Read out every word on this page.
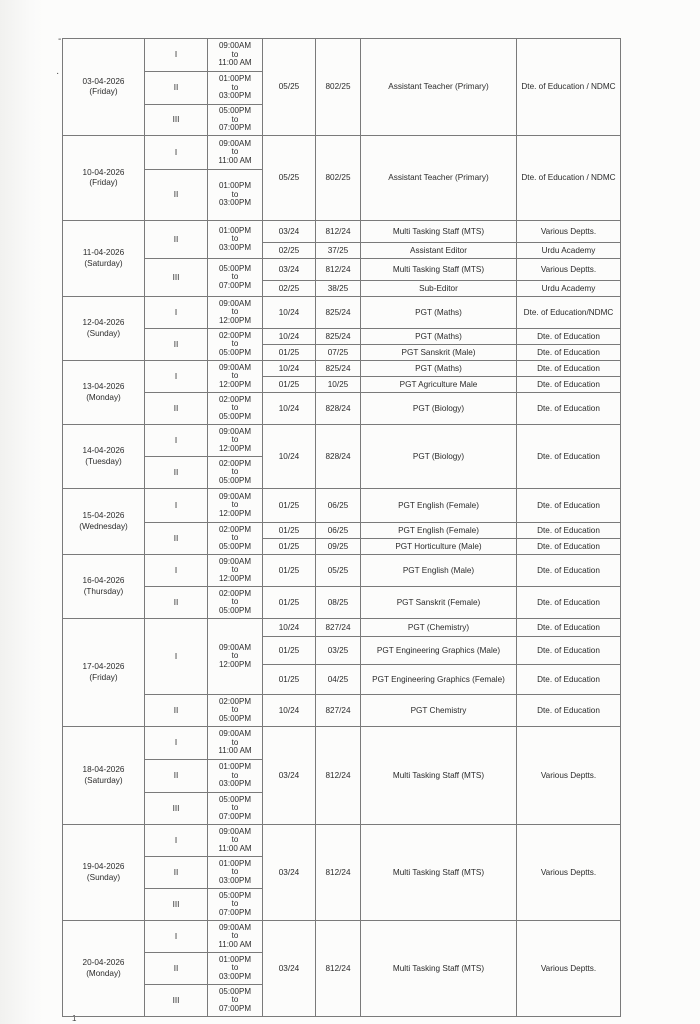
-
·
1
03-04-2026
(Friday)	I	09:00AM
to
11:00 AM	05/25	802/25	Assistant Teacher (Primary)	Dte. of Education / NDMC
	II	01:00PM
to
03:00PM				
	III	05:00PM
to
07:00PM				
10-04-2026
(Friday)	I	09:00AM
to
11:00 AM	05/25	802/25	Assistant Teacher (Primary)	Dte. of Education / NDMC
	II	01:00PM
to
03:00PM				
11-04-2026
(Saturday)	II	01:00PM
to
03:00PM	03/24	812/24	Multi Tasking Staff (MTS)	Various Deptts.
			02/25	37/25	Assistant Editor	Urdu Academy
	III	05:00PM
to
07:00PM	03/24	812/24	Multi Tasking Staff (MTS)	Various Deptts.
			02/25	38/25	Sub-Editor	Urdu Academy
12-04-2026
(Sunday)	I	09:00AM
to
12:00PM	10/24	825/24	PGT (Maths)	Dte. of Education/NDMC
	II	02:00PM
to
05:00PM	10/24	825/24	PGT (Maths)	Dte. of Education
			01/25	07/25	PGT Sanskrit (Male)	Dte. of Education
13-04-2026
(Monday)	I	09:00AM
to
12:00PM	10/24	825/24	PGT (Maths)	Dte. of Education
			01/25	10/25	PGT Agriculture Male	Dte. of Education
	II	02:00PM
to
05:00PM	10/24	828/24	PGT (Biology)	Dte. of Education
14-04-2026
(Tuesday)	I	09:00AM
to
12:00PM	10/24	828/24	PGT (Biology)	Dte. of Education
	II	02:00PM
to
05:00PM				
15-04-2026
(Wednesday)	I	09:00AM
to
12:00PM	01/25	06/25	PGT English (Female)	Dte. of Education
	II	02:00PM
to
05:00PM	01/25	06/25	PGT English (Female)	Dte. of Education
			01/25	09/25	PGT Horticulture (Male)	Dte. of Education
16-04-2026
(Thursday)	I	09:00AM
to
12:00PM	01/25	05/25	PGT English (Male)	Dte. of Education
	II	02:00PM
to
05:00PM	01/25	08/25	PGT Sanskrit (Female)	Dte. of Education
17-04-2026
(Friday)	I	09:00AM
to
12:00PM	10/24	827/24	PGT (Chemistry)	Dte. of Education
			01/25	03/25	PGT Engineering Graphics (Male)	Dte. of Education
			01/25	04/25	PGT Engineering Graphics (Female)	Dte. of Education
	II	02:00PM
to
05:00PM	10/24	827/24	PGT Chemistry	Dte. of Education
18-04-2026
(Saturday)	I	09:00AM
to
11:00 AM	03/24	812/24	Multi Tasking Staff (MTS)	Various Deptts.
	II	01:00PM
to
03:00PM				
	III	05:00PM
to
07:00PM				
19-04-2026
(Sunday)	I	09:00AM
to
11:00 AM	03/24	812/24	Multi Tasking Staff (MTS)	Various Deptts.
	II	01:00PM
to
03:00PM				
	III	05:00PM
to
07:00PM				
20-04-2026
(Monday)	I	09:00AM
to
11:00 AM	03/24	812/24	Multi Tasking Staff (MTS)	Various Deptts.
	II	01:00PM
to
03:00PM				
	III	05:00PM
to
07:00PM				
